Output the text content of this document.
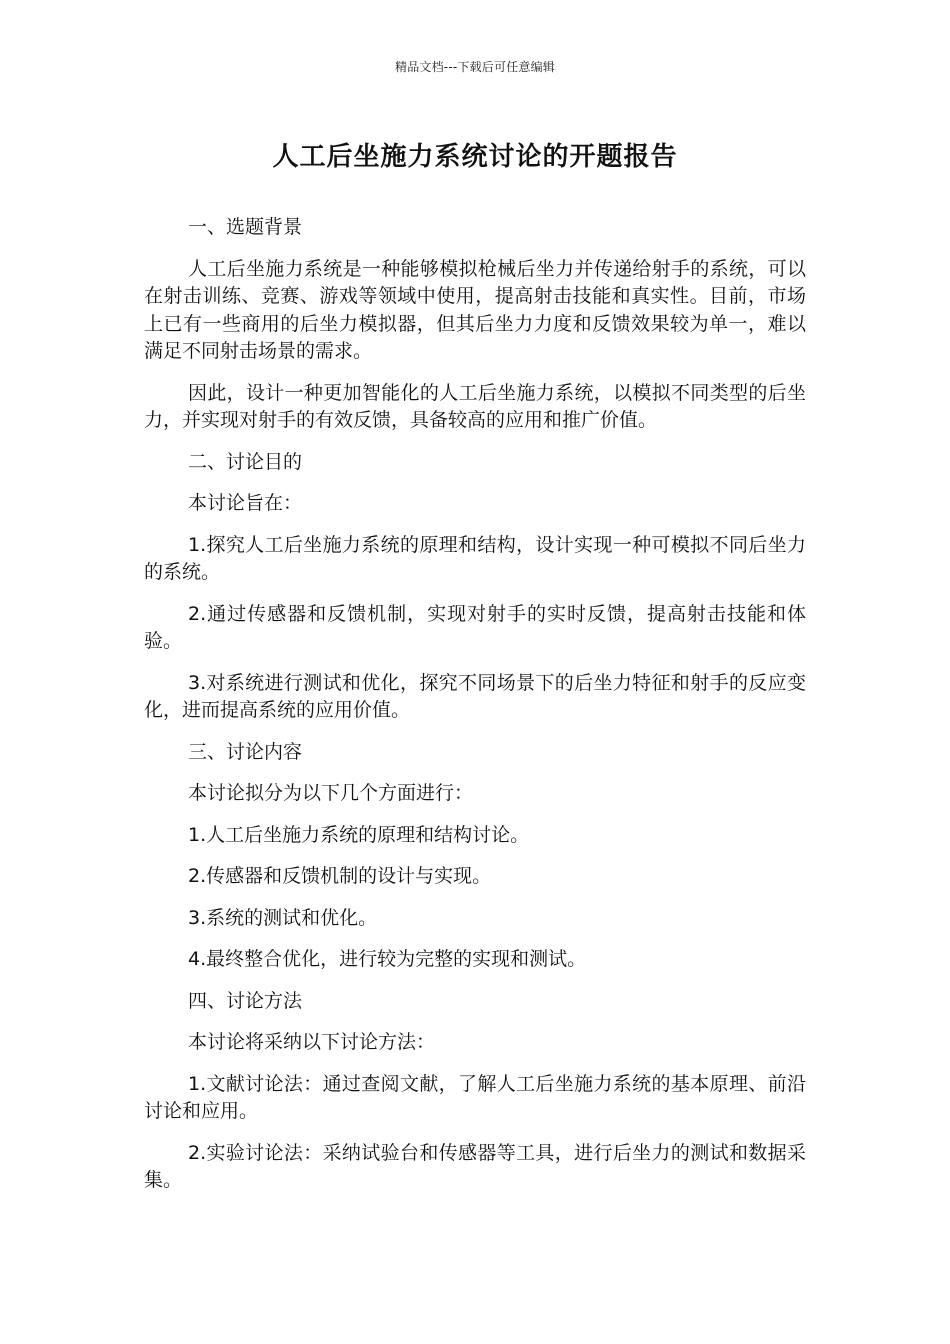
精品文档---下载后可任意编辑
人工后坐施力系统讨论的开题报告

一、选题背景

人工后坐施力系统是一种能够模拟枪械后坐力并传递给射手的系统，可以在射击训练、竞赛、游戏等领域中使用，提高射击技能和真实性。目前，市场上已有一些商用的后坐力模拟器，但其后坐力力度和反馈效果较为单一，难以满足不同射击场景的需求。

因此，设计一种更加智能化的人工后坐施力系统，以模拟不同类型的后坐力，并实现对射手的有效反馈，具备较高的应用和推广价值。

二、讨论目的

本讨论旨在：

1.探究人工后坐施力系统的原理和结构，设计实现一种可模拟不同后坐力的系统。

2.通过传感器和反馈机制，实现对射手的实时反馈，提高射击技能和体验。

3.对系统进行测试和优化，探究不同场景下的后坐力特征和射手的反应变化，进而提高系统的应用价值。

三、讨论内容

本讨论拟分为以下几个方面进行：

1.人工后坐施力系统的原理和结构讨论。

2.传感器和反馈机制的设计与实现。

3.系统的测试和优化。

4.最终整合优化，进行较为完整的实现和测试。

四、讨论方法

本讨论将采纳以下讨论方法：

1.文献讨论法：通过查阅文献，了解人工后坐施力系统的基本原理、前沿讨论和应用。

2.实验讨论法：采纳试验台和传感器等工具，进行后坐力的测试和数据采集。
